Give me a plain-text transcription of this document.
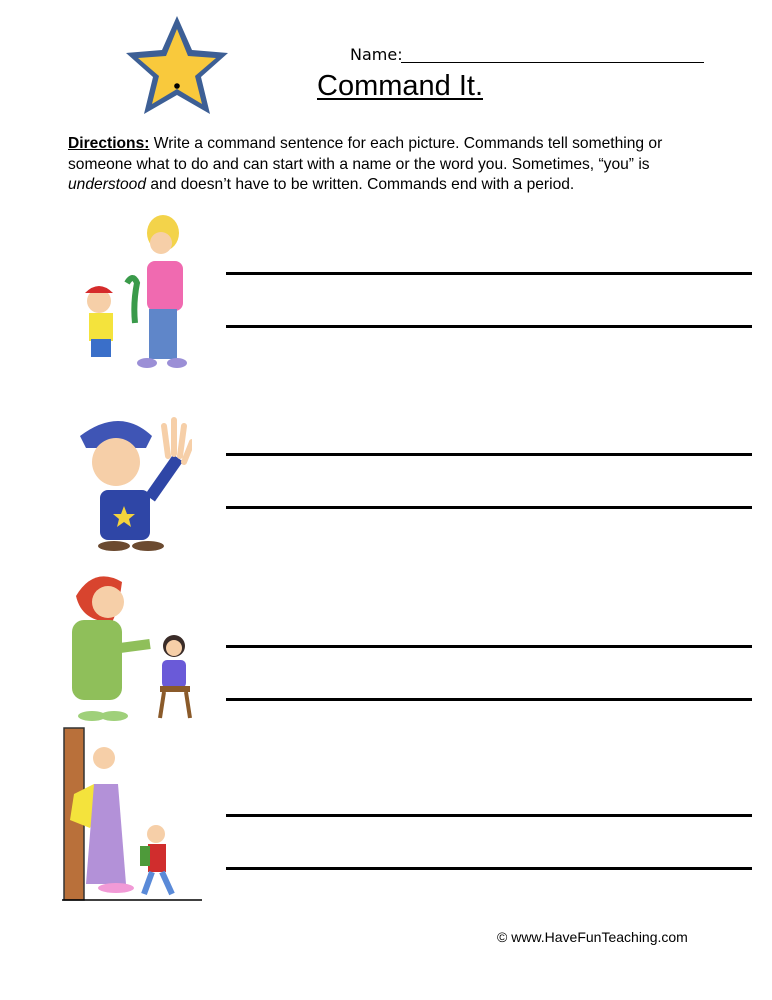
Name:
Command It.
Directions: Write a command sentence for each picture. Commands tell something or someone what to do and can start with a name or the word you. Sometimes, “you” is understood and doesn’t have to be written. Commands end with a period.
© www.HaveFunTeaching.com
